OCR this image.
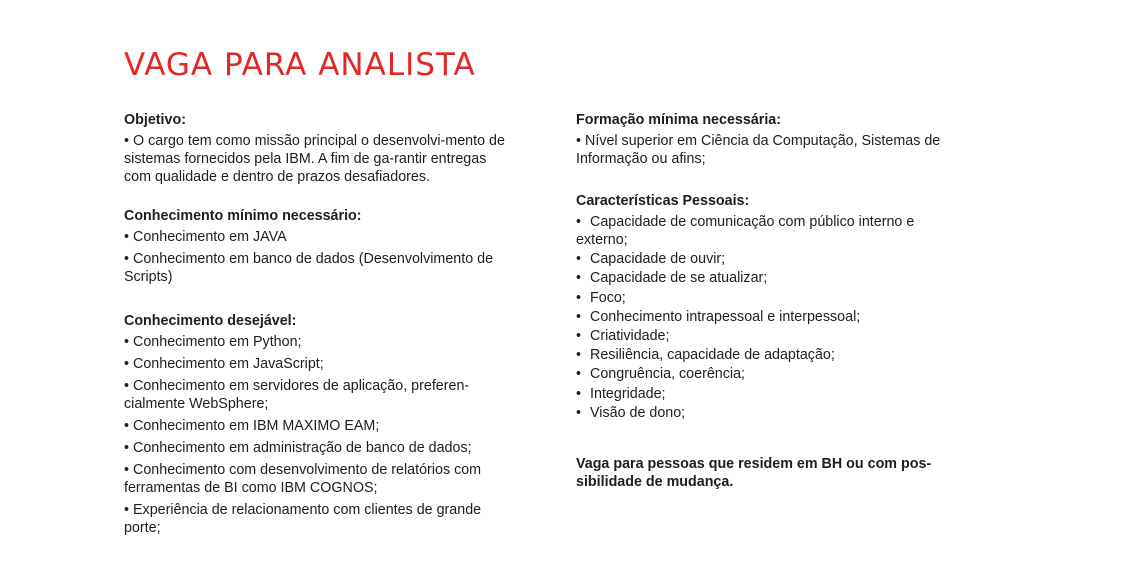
VAGA PARA ANALISTA
Objetivo:
• O cargo tem como missão principal o desenvolvi-mento de sistemas fornecidos pela IBM. A fim de ga-rantir entregas com qualidade e dentro de prazos desafiadores.
Conhecimento mínimo necessário:
• Conhecimento em JAVA
• Conhecimento em banco de dados (Desenvolvimento de Scripts)
Conhecimento desejável:
• Conhecimento em Python;
• Conhecimento em JavaScript;
• Conhecimento em servidores de aplicação, preferen-cialmente WebSphere;
• Conhecimento em IBM MAXIMO EAM;
• Conhecimento em administração de banco de dados;
• Conhecimento com desenvolvimento de relatórios com ferramentas de BI como IBM COGNOS;
• Experiência de relacionamento com clientes de grande porte;
Formação mínima necessária:
• Nível superior em Ciência da Computação, Sistemas de Informação ou afins;
Características Pessoais:
• Capacidade de comunicação com público interno e externo;
• Capacidade de ouvir;
• Capacidade de se atualizar;
• Foco;
• Conhecimento intrapessoal e interpessoal;
• Criatividade;
• Resiliência, capacidade de adaptação;
• Congruência, coerência;
• Integridade;
• Visão de dono;

Vaga para pessoas que residem em BH ou com pos-sibilidade de mudança.
